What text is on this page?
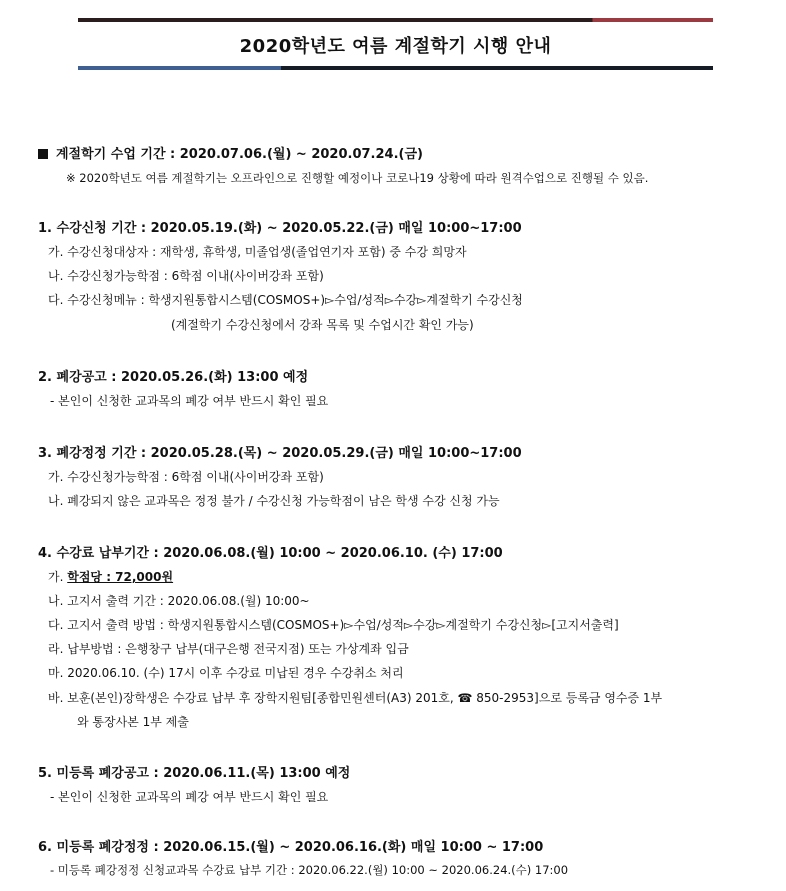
2020학년도 여름 계절학기 시행 안내
계절학기 수업 기간 : 2020.07.06.(월) ~ 2020.07.24.(금)
※ 2020학년도 여름 계절학기는 오프라인으로 진행할 예정이나 코로나19 상황에 따라 원격수업으로 진행될 수 있음.
1. 수강신청 기간 : 2020.05.19.(화) ~ 2020.05.22.(금) 매일 10:00~17:00
가. 수강신청대상자 : 재학생, 휴학생, 미졸업생(졸업연기자 포함) 중 수강 희망자
나. 수강신청가능학점 : 6학점 이내(사이버강좌 포함)
다. 수강신청메뉴 : 학생지원통합시스템(COSMOS+)▻수업/성적▻수강▻계절학기 수강신청
(계절학기 수강신청에서 강좌 목록 및 수업시간 확인 가능)
2. 폐강공고 : 2020.05.26.(화) 13:00 예정
- 본인이 신청한 교과목의 폐강 여부 반드시 확인 필요
3. 폐강정정 기간 : 2020.05.28.(목) ~ 2020.05.29.(금) 매일 10:00~17:00
가. 수강신청가능학점 : 6학점 이내(사이버강좌 포함)
나. 폐강되지 않은 교과목은 정정 불가 / 수강신청 가능학점이 남은 학생 수강 신청 가능
4. 수강료 납부기간 : 2020.06.08.(월) 10:00 ~ 2020.06.10. (수) 17:00
가. 학점당 : 72,000원
나. 고지서 출력 기간 : 2020.06.08.(월) 10:00~
다. 고지서 출력 방법 : 학생지원통합시스템(COSMOS+)▻수업/성적▻수강▻계절학기 수강신청▻[고지서출력]
라. 납부방법 : 은행창구 납부(대구은행 전국지점) 또는 가상계좌 입금
마. 2020.06.10. (수) 17시 이후 수강료 미납된 경우 수강취소 처리
바. 보훈(본인)장학생은 수강료 납부 후 장학지원팀[종합민원센터(A3) 201호, ☎ 850-2953]으로 등록금 영수증 1부
와 통장사본 1부 제출
5. 미등록 폐강공고 : 2020.06.11.(목) 13:00 예정
- 본인이 신청한 교과목의 폐강 여부 반드시 확인 필요
6. 미등록 폐강정정 : 2020.06.15.(월) ~ 2020.06.16.(화) 매일 10:00 ~ 17:00
- 미등록 폐강정정 신청교과목 수강료 납부 기간 : 2020.06.22.(월) 10:00 ~ 2020.06.24.(수) 17:00
